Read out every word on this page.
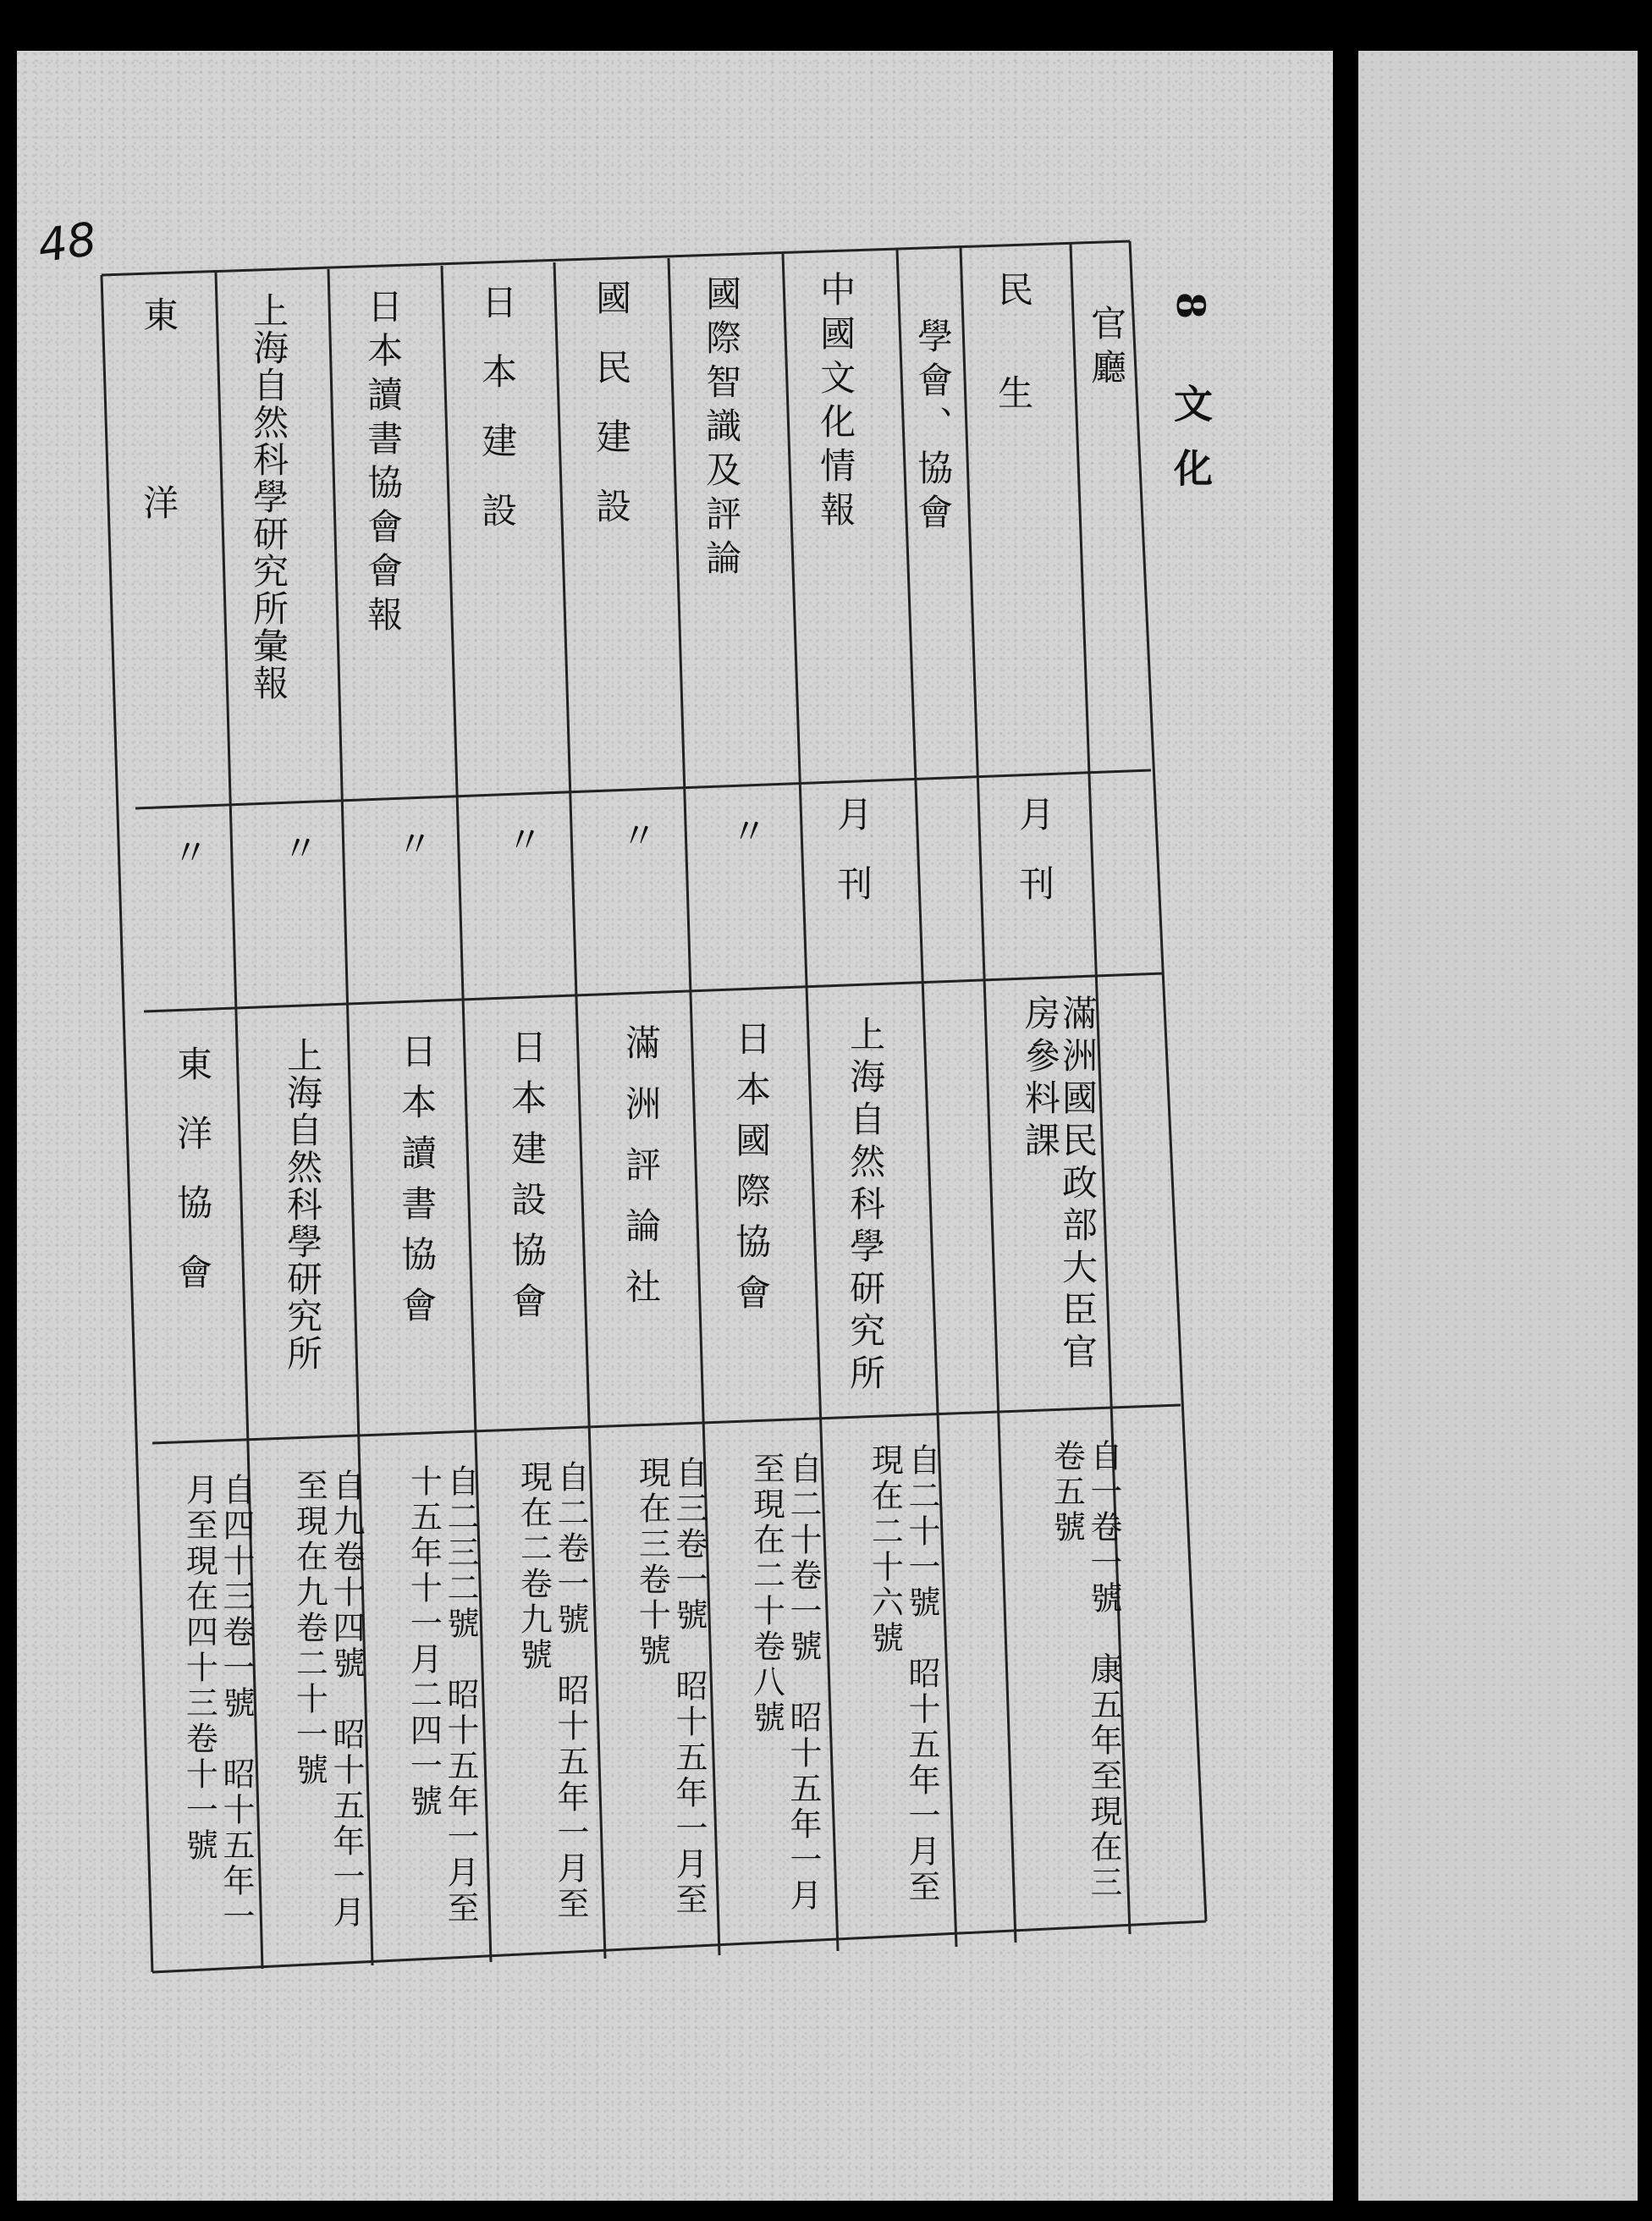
48
8 文化
官廳
月刊
滿洲國民政部大臣官房參料課
自一卷一號　康五年至現在三卷五號
民生
學會、協會
中國文化情報
月刊
上海自然科學研究所
自二十一號　昭十五年一月至現在二十六號
國際智識及評論
〃
日本國際協會
自二十卷一號　昭十五年一月至現在二十卷八號
國民建設
〃
滿洲評論社
自三卷一號　昭十五年一月至現在三卷十號
日本建設
〃
日本建設協會
自二卷一號　昭十五年一月至現在二卷九號
日本讀書協會會報
〃
日本讀書協會
自二三二號　昭十五年一月至十五年十一月二四一號
上海自然科學研究所彙報
〃
上海自然科學研究所
自九卷十四號　昭十五年一月至現在九卷二十一號
東洋
〃
東洋協會
自四十三卷一號　昭十五年一月至現在四十三卷十一號
